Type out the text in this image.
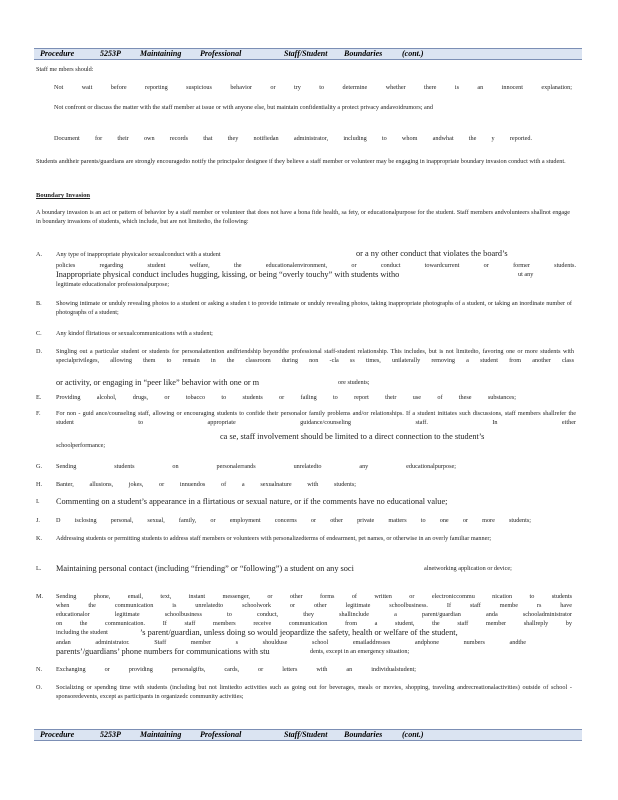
Procedure	5253P Maintaining Professional	Staff/Student Boundaries (cont.)

Staff me mbers should:

Not wait before reporting suspicious behavior or try to determine whether there is an innocent explanation;

Not confront or discuss the matter with the staff member at issue or with anyone else, but maintain confidentiality a protect privacy andavoidrumors; and

Document for their own records that they notifiedan administrator, including to whom andwhat the y reported.

Students andtheir parents/guardians are strongly encouragedto notify the principalor designee if they believe a staff member or volunteer may be engaging in inappropriate boundary invasion conduct with a student.

Boundary Invasion

A boundary invasion is an act or pattern of behavior by a staff member or volunteer that does not have a bona fide health, sa fety, or educationalpurpose for the student. Staff members andvolunteers shallnot engage in boundary invasions of students, which include, but are not limitedto, the following:

A. Any type of inappropriate physicalor sexualconduct with a student	or a ny other conduct that violates the board’s
policies regarding student welfare, the educationalenvironment, or conduct towardcurrent or former students.
Inappropriate physical conduct includes hugging, kissing, or being “overly touchy” with students witho	ut any
legitimate educationalor professionalpurpose;
B. Showing intimate or unduly revealing photos to a student or asking a studen t to provide intimate or unduly revealing photos, taking inappropriate photographs of a student, or taking an inordinate number of photographs of a student;

C. Any kindof flirtatious or sexualcommunications with a student;

D. Singling out a particular student or students for personalattention andfriendship beyondthe professional staff-student relationship. This includes, but is not limitedto, favoring one or more students with specialprivileges, allowing them to remain in the classroom during non -cla ss times, unilaterally removing a student from another class

or activity, or engaging in “peer like” behavior with one or m	ore students;
E. Providing alcohol, drugs, or tobacco to students or failing to report their use of these substances;

F.	For non - guid ance/counseling staff, allowing or encouraging students to confide their personalor family problems and/or relationships. If a student initiates such discussions, staff members shallrefer the student to appropriate guidance/counseling staff. In either

ca se, staff involvement should be limited to a direct connection to the student’s
schoolperformance;
G. Sending students on personalerrands unrelatedto any educationalpurpose;

H. Banter, allusions, jokes, or innuendos of a sexualnature with students;

I. Commenting on a student’s appearance in a flirtatious or sexual nature, or if the comments have no educational value;
J.	D isclosing personal, sexual, family, or employment concerns or other private matters to one or more students;

K. Addressing students or permitting students to address staff members or volunteers with personalizedterms of endearment, pet names, or otherwise in an overly familiar manner;

L. Maintaining personal contact (including “friending” or “following”) a student on any soci	alnetworking application or device;
M. Sending phone, email, text, instant messenger, or other forms of written or electroniccommu nication to students
when the communication is unrelatedto schoolwork or other legitimate schoolbusiness. If staff membe rs have
educationalor legitimate schoolbusiness to conduct, they shallinclude a parent/guardian anda schooladministrator
on the communication. If staff members receive communication from a student, the staff member shallreply by
including the student	’s parent/guardian, unless doing so would jeopardize the safety, health or welfare of the student,
andan administrator. Staff member s shoulduse school emailaddresses andphone numbers andthe
parents’/guardians’ phone numbers for communications with stu	dents, except in an emergency situation;
N. Exchanging or providing personalgifts, cards, or letters with an individualstudent;

O. Socializing or spending time with students (including but not limitedto activities such as going out for beverages, meals or movies, shopping, traveling andrecreationalactivities) outside of school -sponsoredevents, except as participants in organizedc community activities;

Procedure	5253P Maintaining Professional	Staff/Student Boundaries (cont.)
